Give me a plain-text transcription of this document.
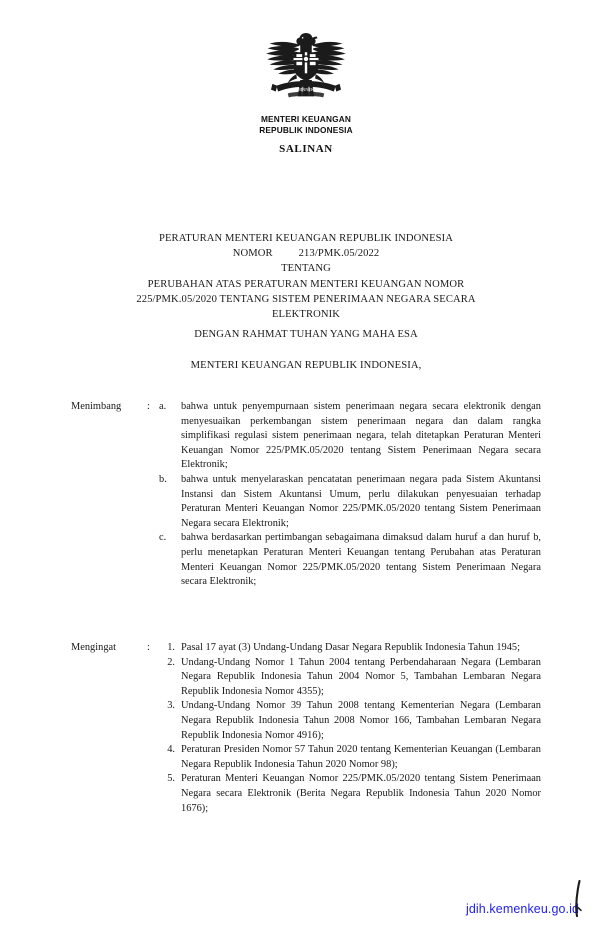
BHINNEKA
MENTERI KEUANGAN
REPUBLIK INDONESIA
SALINAN
PERATURAN MENTERI KEUANGAN REPUBLIK INDONESIA
NOMOR 213/PMK.05/2022
TENTANG
PERUBAHAN ATAS PERATURAN MENTERI KEUANGAN NOMOR
225/PMK.05/2020 TENTANG SISTEM PENERIMAAN NEGARA SECARA
ELEKTRONIK
DENGAN RAHMAT TUHAN YANG MAHA ESA
MENTERI KEUANGAN REPUBLIK INDONESIA,
Menimbang	: a.	bahwa untuk penyempurnaan sistem penerimaan negara secara elektronik dengan menyesuaikan perkembangan sistem penerimaan negara dan dalam rangka simplifikasi regulasi sistem penerimaan negara, telah ditetapkan Peraturan Menteri Keuangan Nomor 225/PMK.05/2020 tentang Sistem Penerimaan Negara secara Elektronik;
b.	bahwa untuk menyelaraskan pencatatan penerimaan negara pada Sistem Akuntansi Instansi dan Sistem Akuntansi Umum, perlu dilakukan penyesuaian terhadap Peraturan Menteri Keuangan Nomor 225/PMK.05/2020 tentang Sistem Penerimaan Negara secara Elektronik;
c.	bahwa berdasarkan pertimbangan sebagaimana dimaksud dalam huruf a dan huruf b, perlu menetapkan Peraturan Menteri Keuangan tentang Perubahan atas Peraturan Menteri Keuangan Nomor 225/PMK.05/2020 tentang Sistem Penerimaan Negara secara Elektronik;
Mengingat	:	1. Pasal 17 ayat (3) Undang-Undang Dasar Negara Republik Indonesia Tahun 1945;
2. Undang-Undang Nomor 1 Tahun 2004 tentang Perbendaharaan Negara (Lembaran Negara Republik Indonesia Tahun 2004 Nomor 5, Tambahan Lembaran Negara Republik Indonesia Nomor 4355);
3. Undang-Undang Nomor 39 Tahun 2008 tentang Kementerian Negara (Lembaran Negara Republik Indonesia Tahun 2008 Nomor 166, Tambahan Lembaran Negara Republik Indonesia Nomor 4916);
4. Peraturan Presiden Nomor 57 Tahun 2020 tentang Kementerian Keuangan (Lembaran Negara Republik Indonesia Tahun 2020 Nomor 98);
5. Peraturan Menteri Keuangan Nomor 225/PMK.05/2020 tentang Sistem Penerimaan Negara secara Elektronik (Berita Negara Republik Indonesia Tahun 2020 Nomor 1676);
jdih.kemenkeu.go.id
